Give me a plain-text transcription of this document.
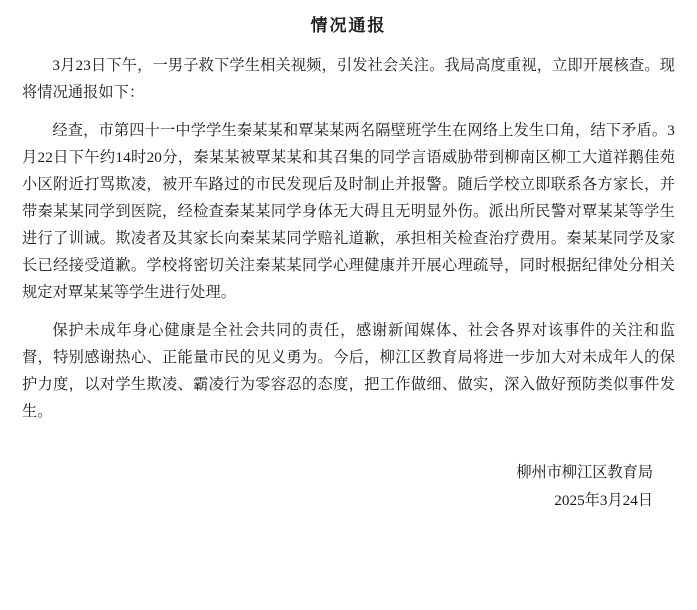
情况通报

3月23日下午，一男子救下学生相关视频，引发社会关注。我局高度重视，立即开展核查。现将情况通报如下：

经查，市第四十一中学学生秦某某和覃某某两名隔壁班学生在网络上发生口角，结下矛盾。3月22日下午约14时20分，秦某某被覃某某和其召集的同学言语威胁带到柳南区柳工大道祥鹅佳苑小区附近打骂欺凌，被开车路过的市民发现后及时制止并报警。随后学校立即联系各方家长，并带秦某某同学到医院，经检查秦某某同学身体无大碍且无明显外伤。派出所民警对覃某某等学生进行了训诫。欺凌者及其家长向秦某某同学赔礼道歉，承担相关检查治疗费用。秦某某同学及家长已经接受道歉。学校将密切关注秦某某同学心理健康并开展心理疏导，同时根据纪律处分相关规定对覃某某等学生进行处理。

保护未成年身心健康是全社会共同的责任，感谢新闻媒体、社会各界对该事件的关注和监督，特别感谢热心、正能量市民的见义勇为。今后，柳江区教育局将进一步加大对未成年人的保护力度，以对学生欺凌、霸凌行为零容忍的态度，把工作做细、做实，深入做好预防类似事件发生。

柳州市柳江区教育局
2025年3月24日
